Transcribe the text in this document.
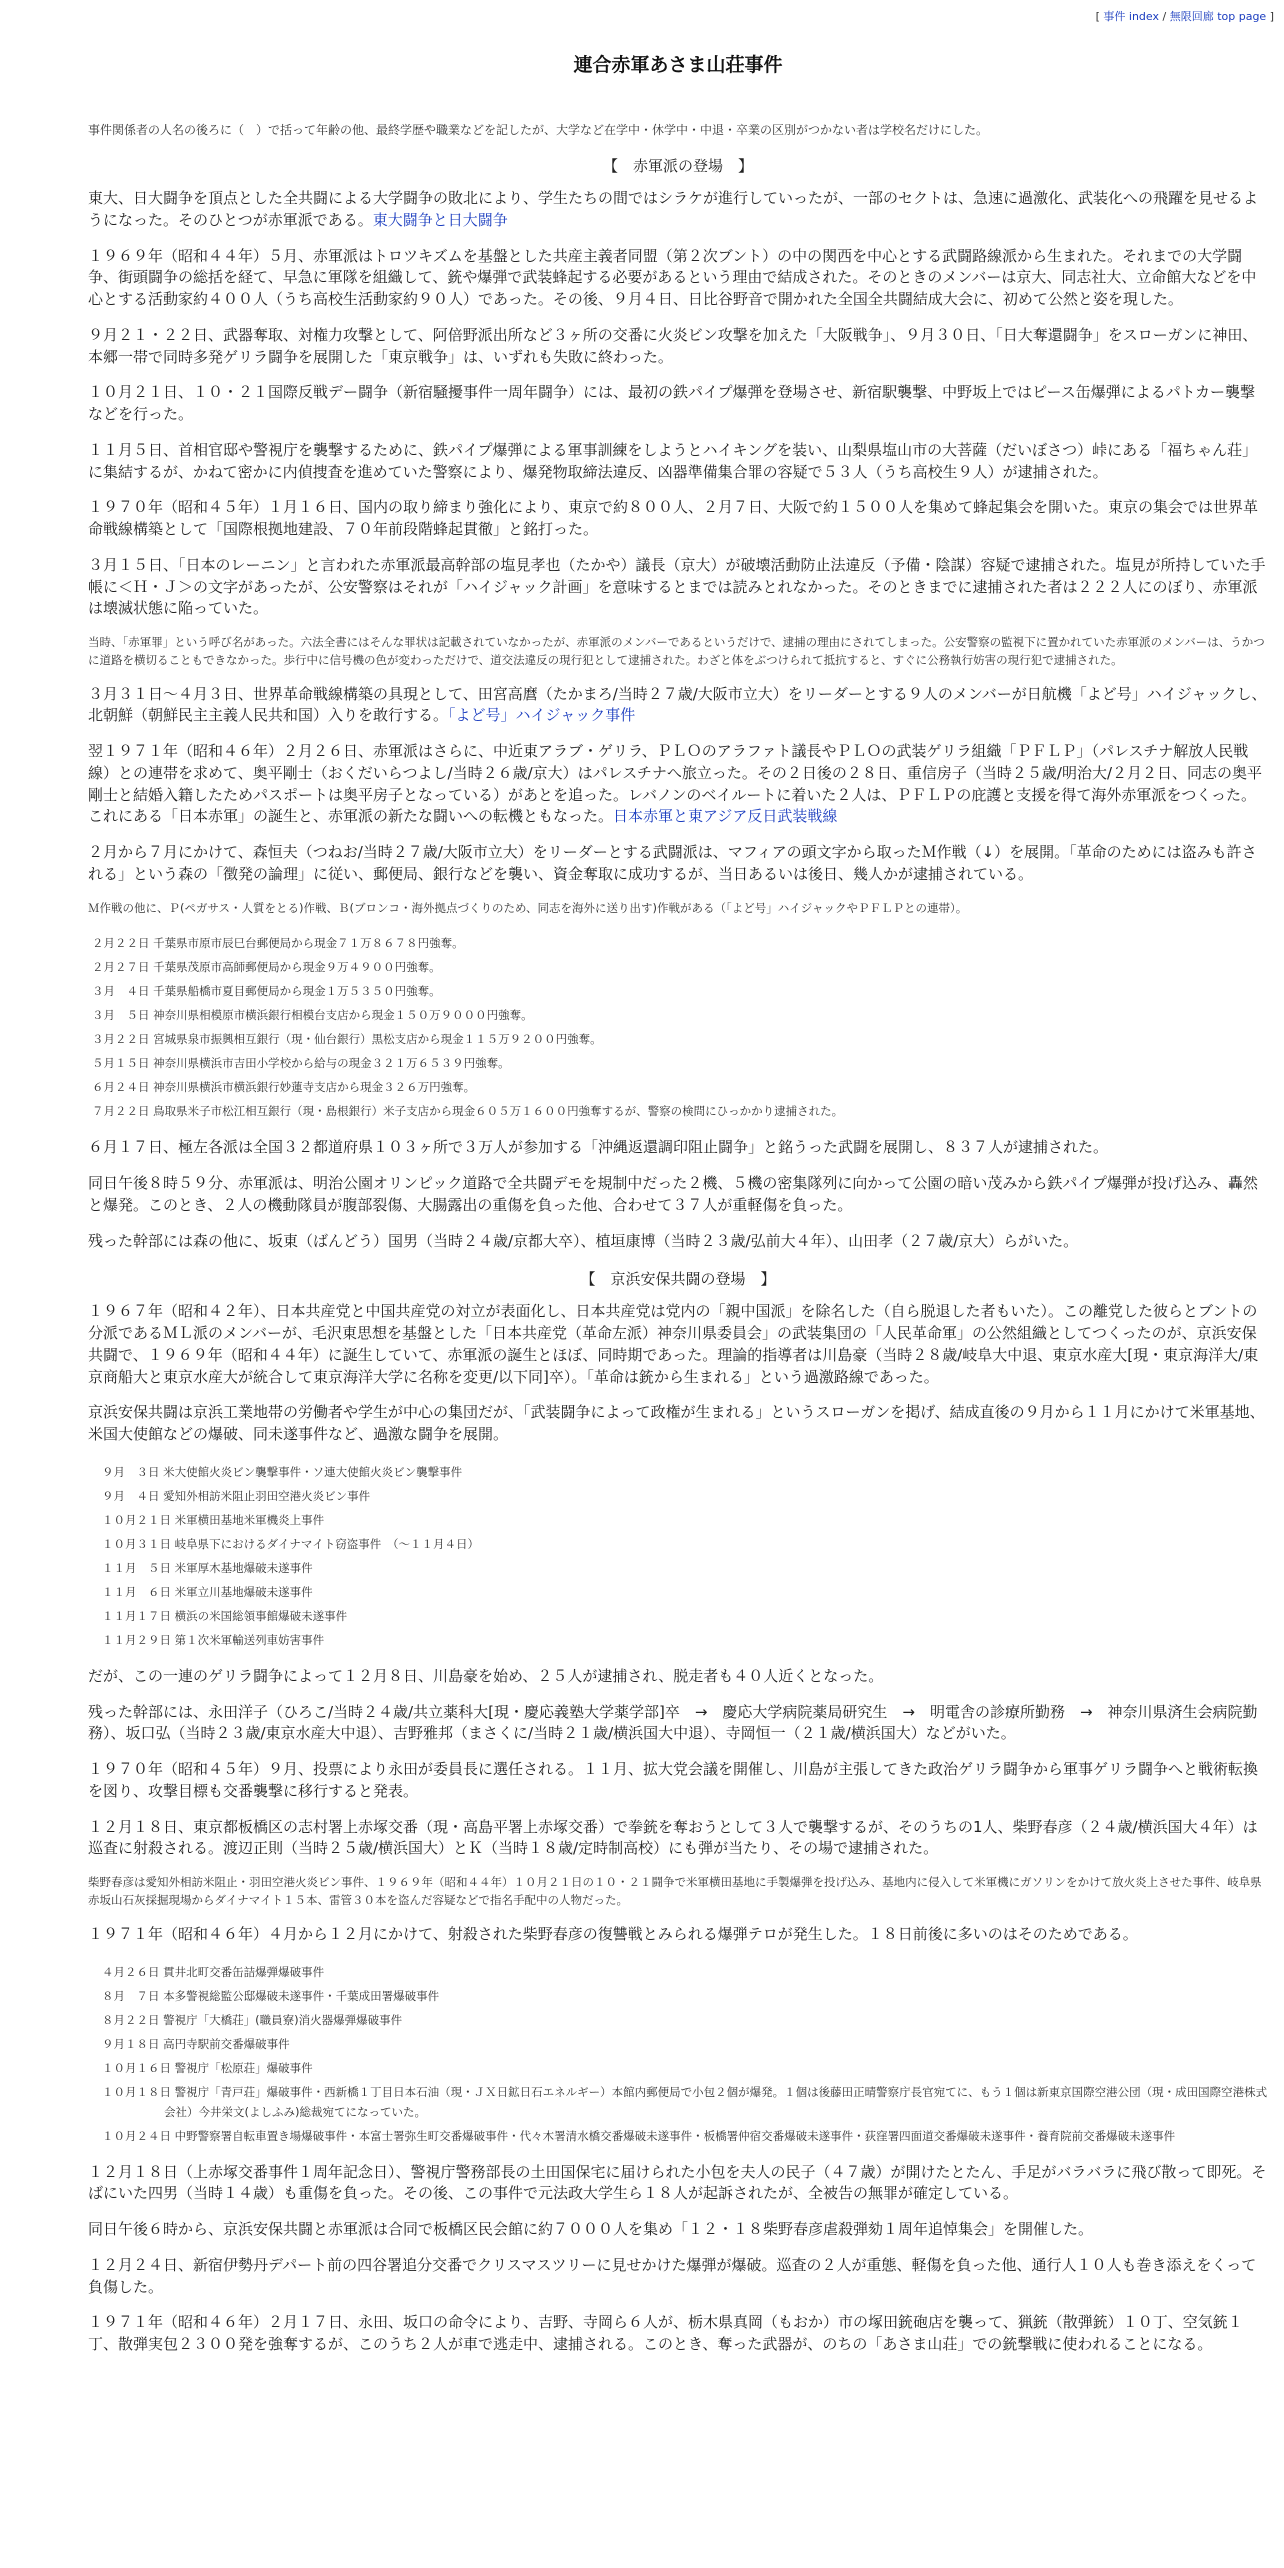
[ 事件 index / 無限回廊 top page ]
連合赤軍あさま山荘事件

事件関係者の人名の後ろに（　）で括って年齢の他、最終学歴や職業などを記したが、大学など在学中・休学中・中退・卒業の区別がつかない者は学校名だけにした。

【　赤軍派の登場　】

東大、日大闘争を頂点とした全共闘による大学闘争の敗北により、学生たちの間ではシラケが進行していったが、一部のセクトは、急速に過激化、武装化への飛躍を見せるようになった。そのひとつが赤軍派である。東大闘争と日大闘争

１９６９年（昭和４４年）５月、赤軍派はトロツキズムを基盤とした共産主義者同盟（第２次ブント）の中の関西を中心とする武闘路線派から生まれた。それまでの大学闘争、街頭闘争の総括を経て、早急に軍隊を組織して、銃や爆弾で武装蜂起する必要があるという理由で結成された。そのときのメンバーは京大、同志社大、立命館大などを中心とする活動家約４００人（うち高校生活動家約９０人）であった。その後、９月４日、日比谷野音で開かれた全国全共闘結成大会に、初めて公然と姿を現した。

９月２１・２２日、武器奪取、対権力攻撃として、阿倍野派出所など３ヶ所の交番に火炎ビン攻撃を加えた「大阪戦争」、９月３０日、「日大奪還闘争」をスローガンに神田、本郷一帯で同時多発ゲリラ闘争を展開した「東京戦争」は、いずれも失敗に終わった。

１０月２１日、１０・２１国際反戦デー闘争（新宿騒擾事件一周年闘争）には、最初の鉄パイプ爆弾を登場させ、新宿駅襲撃、中野坂上ではピース缶爆弾によるパトカー襲撃などを行った。

１１月５日、首相官邸や警視庁を襲撃するために、鉄パイプ爆弾による軍事訓練をしようとハイキングを装い、山梨県塩山市の大菩薩（だいぼさつ）峠にある「福ちゃん荘」に集結するが、かねて密かに内偵捜査を進めていた警察により、爆発物取締法違反、凶器準備集合罪の容疑で５３人（うち高校生９人）が逮捕された。

１９７０年（昭和４５年）１月１６日、国内の取り締まり強化により、東京で約８００人、２月７日、大阪で約１５００人を集めて蜂起集会を開いた。東京の集会では世界革命戦線構築として「国際根拠地建設、７０年前段階蜂起貫徹」と銘打った。

３月１５日、「日本のレーニン」と言われた赤軍派最高幹部の塩見孝也（たかや）議長（京大）が破壊活動防止法違反（予備・陰謀）容疑で逮捕された。塩見が所持していた手帳に＜Ｈ・Ｊ＞の文字があったが、公安警察はそれが「ハイジャック計画」を意味するとまでは読みとれなかった。そのときまでに逮捕された者は２２２人にのぼり、赤軍派は壊滅状態に陥っていた。

当時、「赤軍罪」という呼び名があった。六法全書にはそんな罪状は記載されていなかったが、赤軍派のメンバーであるというだけで、逮捕の理由にされてしまった。公安警察の監視下に置かれていた赤軍派のメンバーは、うかつに道路を横切ることもできなかった。歩行中に信号機の色が変わっただけで、道交法違反の現行犯として逮捕された。わざと体をぶつけられて抵抗すると、すぐに公務執行妨害の現行犯で逮捕された。

３月３１日～４月３日、世界革命戦線構築の具現として、田宮高麿（たかまろ/当時２７歳/大阪市立大）をリーダーとする９人のメンバーが日航機「よど号」ハイジャックし、北朝鮮（朝鮮民主主義人民共和国）入りを敢行する。「よど号」ハイジャック事件

翌１９７１年（昭和４６年）２月２６日、赤軍派はさらに、中近東アラブ・ゲリラ、ＰＬＯのアラファト議長やＰＬＯの武装ゲリラ組織「ＰＦＬＰ」（パレスチナ解放人民戦線）との連帯を求めて、奥平剛士（おくだいらつよし/当時２６歳/京大）はパレスチナへ旅立った。その２日後の２８日、重信房子（当時２５歳/明治大/２月２日、同志の奥平剛士と結婚入籍したためパスポートは奥平房子となっている）があとを追った。レバノンのベイルートに着いた２人は、ＰＦＬＰの庇護と支援を得て海外赤軍派をつくった。これにある「日本赤軍」の誕生と、赤軍派の新たな闘いへの転機ともなった。日本赤軍と東アジア反日武装戦線

２月から７月にかけて、森恒夫（つねお/当時２７歳/大阪市立大）をリーダーとする武闘派は、マフィアの頭文字から取ったＭ作戦（↓）を展開。「革命のためには盗みも許される」という森の「徴発の論理」に従い、郵便局、銀行などを襲い、資金奪取に成功するが、当日あるいは後日、幾人かが逮捕されている。

Ｍ作戦の他に、Ｐ(ペガサス・人質をとる)作戦、Ｂ(ブロンコ・海外拠点づくりのため、同志を海外に送り出す)作戦がある（「よど号」ハイジャックやＰＦＬＰとの連帯）。

２月２２日 千葉県市原市辰巳台郵便局から現金７１万８６７８円強奪。
２月２７日 千葉県茂原市高師郵便局から現金９万４９００円強奪。
３月　４日 千葉県船橋市夏目郵便局から現金１万５３５０円強奪。
３月　５日 神奈川県相模原市横浜銀行相模台支店から現金１５０万９０００円強奪。
３月２２日 宮城県泉市振興相互銀行（現・仙台銀行）黒松支店から現金１１５万９２００円強奪。
５月１５日 神奈川県横浜市吉田小学校から給与の現金３２１万６５３９円強奪。
６月２４日 神奈川県横浜市横浜銀行妙蓮寺支店から現金３２６万円強奪。
７月２２日 鳥取県米子市松江相互銀行（現・島根銀行）米子支店から現金６０５万１６００円強奪するが、警察の検問にひっかかり逮捕された。

６月１７日、極左各派は全国３２都道府県１０３ヶ所で３万人が参加する「沖縄返還調印阻止闘争」と銘うった武闘を展開し、８３７人が逮捕された。

同日午後８時５９分、赤軍派は、明治公園オリンピック道路で全共闘デモを規制中だった２機、５機の密集隊列に向かって公園の暗い茂みから鉄パイプ爆弾が投げ込み、轟然と爆発。このとき、２人の機動隊員が腹部裂傷、大腸露出の重傷を負った他、合わせて３７人が重軽傷を負った。

残った幹部には森の他に、坂東（ばんどう）国男（当時２４歳/京都大卒）、植垣康博（当時２３歳/弘前大４年）、山田孝（２７歳/京大）らがいた。

【　京浜安保共闘の登場　】

１９６７年（昭和４２年）、日本共産党と中国共産党の対立が表面化し、日本共産党は党内の「親中国派」を除名した（自ら脱退した者もいた）。この離党した彼らとブントの分派であるＭＬ派のメンバーが、毛沢東思想を基盤とした「日本共産党（革命左派）神奈川県委員会」の武装集団の「人民革命軍」の公然組織としてつくったのが、京浜安保共闘で、１９６９年（昭和４４年）に誕生していて、赤軍派の誕生とほぼ、同時期であった。理論的指導者は川島豪（当時２８歳/岐阜大中退、東京水産大[現・東京海洋大/東京商船大と東京水産大が統合して東京海洋大学に名称を変更/以下同]卒）。「革命は銃から生まれる」という過激路線であった。

京浜安保共闘は京浜工業地帯の労働者や学生が中心の集団だが、「武装闘争によって政権が生まれる」というスローガンを掲げ、結成直後の９月から１１月にかけて米軍基地、米国大使館などの爆破、同未遂事件など、過激な闘争を展開。

９月　３日 米大使館火炎ビン襲撃事件・ソ連大使館火炎ビン襲撃事件
９月　４日 愛知外相訪米阻止羽田空港火炎ビン事件
１０月２１日 米軍横田基地米軍機炎上事件
１０月３１日 岐阜県下におけるダイナマイト窃盗事件　（～１１月４日）
１１月　５日 米軍厚木基地爆破未遂事件
１１月　６日 米軍立川基地爆破未遂事件
１１月１７日 横浜の米国総領事館爆破未遂事件
１１月２９日 第１次米軍輸送列車妨害事件

だが、この一連のゲリラ闘争によって１２月８日、川島豪を始め、２５人が逮捕され、脱走者も４０人近くとなった。

残った幹部には、永田洋子（ひろこ/当時２４歳/共立薬科大[現・慶応義塾大学薬学部]卒　→　慶応大学病院薬局研究生　→　明電舎の診療所勤務　→　神奈川県済生会病院勤務）、坂口弘（当時２３歳/東京水産大中退）、吉野雅邦（まさくに/当時２１歳/横浜国大中退）、寺岡恒一（２１歳/横浜国大）などがいた。

１９７０年（昭和４５年）９月、投票により永田が委員長に選任される。１１月、拡大党会議を開催し、川島が主張してきた政治ゲリラ闘争から軍事ゲリラ闘争へと戦術転換を図り、攻撃目標も交番襲撃に移行すると発表。

１２月１８日、東京都板橋区の志村署上赤塚交番（現・高島平署上赤塚交番）で拳銃を奪おうとして３人で襲撃するが、そのうちの1人、柴野春彦（２４歳/横浜国大４年）は巡査に射殺される。渡辺正則（当時２５歳/横浜国大）とＫ（当時１８歳/定時制高校）にも弾が当たり、その場で逮捕された。

柴野春彦は愛知外相訪米阻止・羽田空港火炎ビン事件、１９６９年（昭和４４年）１０月２１日の１０・２１闘争で米軍横田基地に手製爆弾を投げ込み、基地内に侵入して米軍機にガソリンをかけて放火炎上させた事件、岐阜県赤坂山石灰採掘現場からダイナマイト１５本、雷管３０本を盗んだ容疑などで指名手配中の人物だった。

１９７１年（昭和４６年）４月から１２月にかけて、射殺された柴野春彦の復讐戦とみられる爆弾テロが発生した。１８日前後に多いのはそのためである。

４月２６日 貫井北町交番缶詰爆弾爆破事件
８月　７日 本多警視総監公邸爆破未遂事件・千葉成田署爆破事件
８月２２日 警視庁「大橋荘」(職員寮)消火器爆弾爆破事件
９月１８日 高円寺駅前交番爆破事件
１０月１６日 警視庁「松原荘」爆破事件
１０月１８日 警視庁「青戸荘」爆破事件・西新橋１丁目日本石油（現・ＪＸ日鉱日石エネルギー）本館内郵便局で小包２個が爆発。１個は後藤田正晴警察庁長官宛てに、もう１個は新東京国際空港公団（現・成田国際空港株式会社）今井栄文(よしふみ)総裁宛てになっていた。
１０月２４日 中野警察署自転車置き場爆破事件・本富士署弥生町交番爆破事件・代々木署清水橋交番爆破未遂事件・板橋署仲宿交番爆破未遂事件・荻窪署四面道交番爆破未遂事件・養育院前交番爆破未遂事件

１２月１８日（上赤塚交番事件１周年記念日）、警視庁警務部長の土田国保宅に届けられた小包を夫人の民子（４７歳）が開けたとたん、手足がバラバラに飛び散って即死。そばにいた四男（当時１４歳）も重傷を負った。その後、この事件で元法政大学生ら１８人が起訴されたが、全被告の無罪が確定している。

同日午後６時から、京浜安保共闘と赤軍派は合同で板橋区民会館に約７０００人を集め「１２・１８柴野春彦虐殺弾劾１周年追悼集会」を開催した。

１２月２４日、新宿伊勢丹デパート前の四谷署追分交番でクリスマスツリーに見せかけた爆弾が爆破。巡査の２人が重態、軽傷を負った他、通行人１０人も巻き添えをくって負傷した。

１９７１年（昭和４６年）２月１７日、永田、坂口の命令により、吉野、寺岡ら６人が、栃木県真岡（もおか）市の塚田銃砲店を襲って、猟銃（散弾銃）１０丁、空気銃１丁、散弾実包２３００発を強奪するが、このうち２人が車で逃走中、逮捕される。このとき、奪った武器が、のちの「あさま山荘」での銃撃戦に使われることになる。
